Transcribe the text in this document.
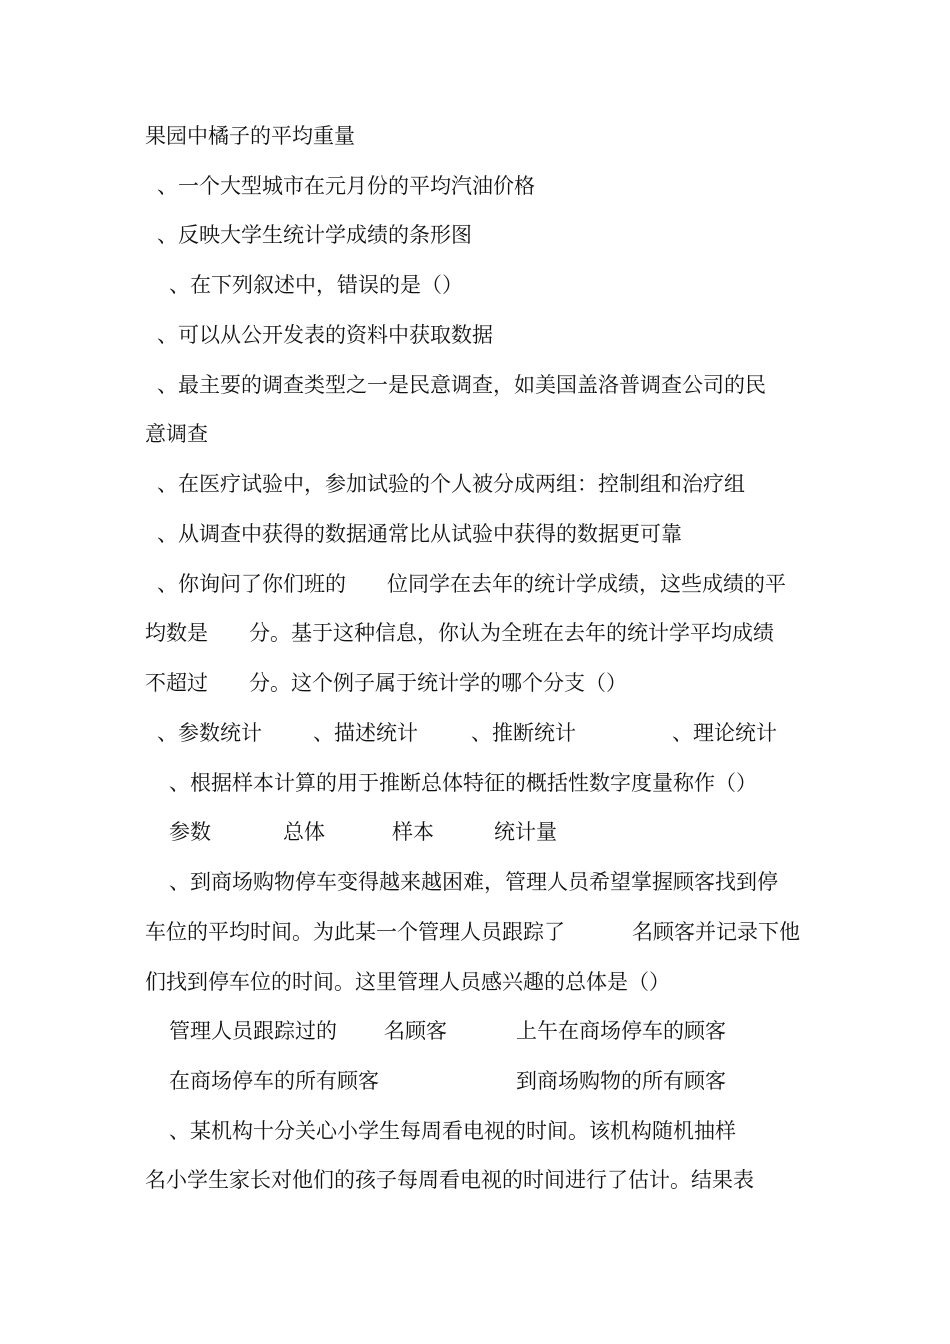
果园中橘子的平均重量
、一个大型城市在元月份的平均汽油价格
、反映大学生统计学成绩的条形图
、在下列叙述中，错误的是（）
、可以从公开发表的资料中获取数据
、最主要的调查类型之一是民意调查，如美国盖洛普调查公司的民
意调查
、在医疗试验中，参加试验的个人被分成两组：控制组和治疗组
、从调查中获得的数据通常比从试验中获得的数据更可靠
、你询问了你们班的 位同学在去年的统计学成绩，这些成绩的平
均数是 分。基于这种信息，你认为全班在去年的统计学平均成绩
不超过 分。这个例子属于统计学的哪个分支（）
、参数统计 、描述统计	、推断统计	、理论统计
、根据样本计算的用于推断总体特征的概括性数字度量称作（）
参数	总体	样本	统计量
、到商场购物停车变得越来越困难，管理人员希望掌握顾客找到停
车位的平均时间。为此某一个管理人员跟踪了	名顾客并记录下他
们找到停车位的时间。这里管理人员感兴趣的总体是（）
管理人员跟踪过的 名顾客	上午在商场停车的顾客
在商场停车的所有顾客	到商场购物的所有顾客
、某机构十分关心小学生每周看电视的时间。该机构随机抽样
名小学生家长对他们的孩子每周看电视的时间进行了估计。结果表
